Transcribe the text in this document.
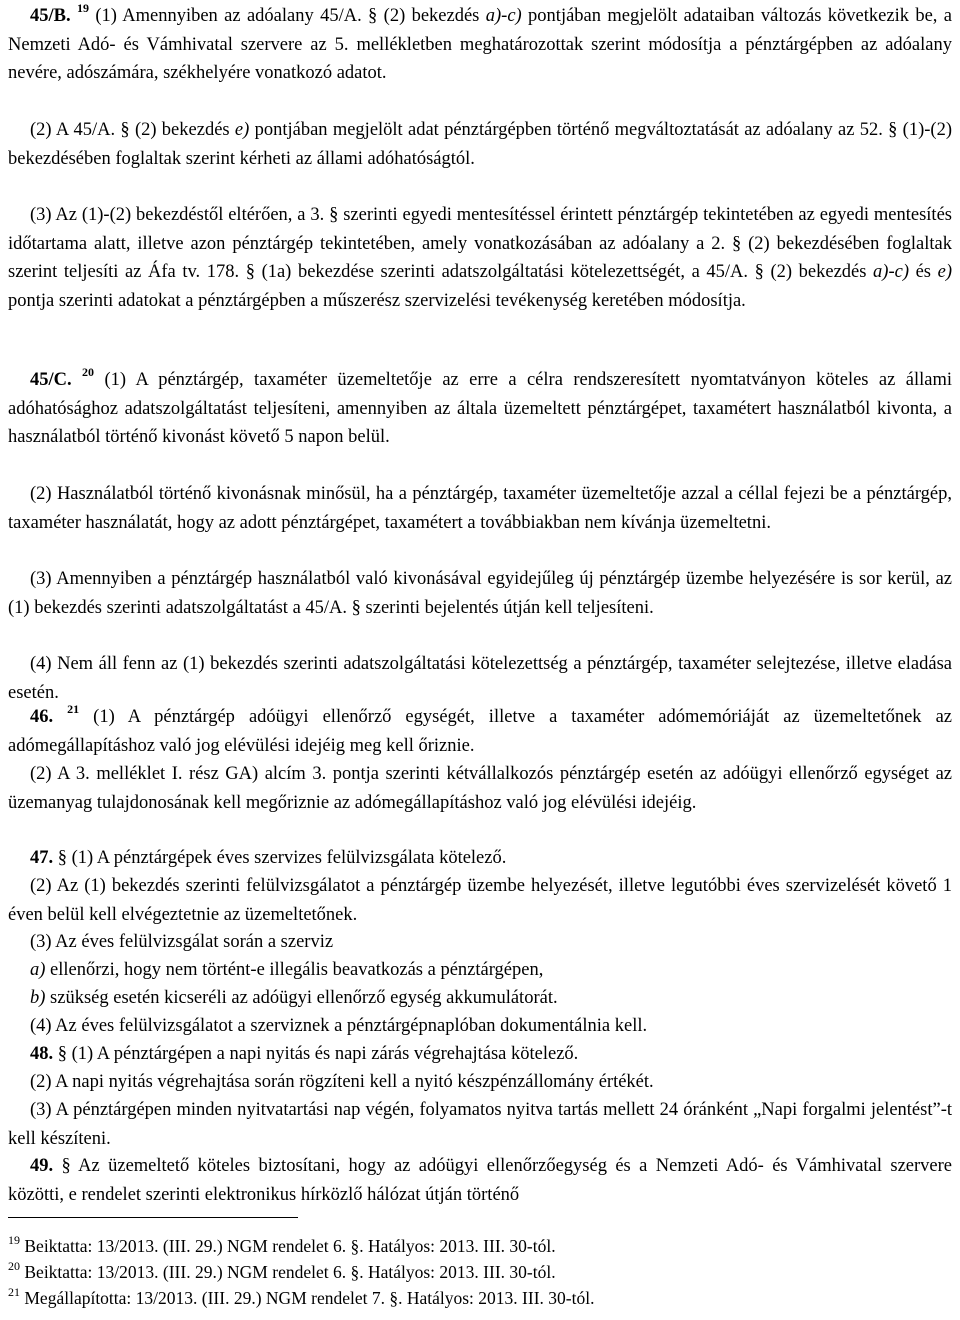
45/B. $^{19}$ (1) Amennyiben az adóalany 45/A. § (2) bekezdés a)-c) pontjában megjelölt adataiban változás következik be, a Nemzeti Adó- és Vámhivatal szervere az 5. mellékletben meghatározottak szerint módosítja a pénztárgépben az adóalany nevére, adószámára, székhelyére vonatkozó adatot.

(2) A 45/A. § (2) bekezdés e) pontjában megjelölt adat pénztárgépben történő megváltoztatását az adóalany az 52. § (1)-(2) bekezdésében foglaltak szerint kérheti az állami adóhatóságtól.

(3) Az (1)-(2) bekezdéstől eltérően, a 3. § szerinti egyedi mentesítéssel érintett pénztárgép tekintetében az egyedi mentesítés időtartama alatt, illetve azon pénztárgép tekintetében, amely vonatkozásában az adóalany a 2. § (2) bekezdésében foglaltak szerint teljesíti az Áfa tv. 178. § (1a) bekezdése szerinti adatszolgáltatási kötelezettségét, a 45/A. § (2) bekezdés a)-c) és e) pontja szerinti adatokat a pénztárgépben a műszerész szervizelési tevékenység keretében módosítja.

45/C. $^{20}$ (1) A pénztárgép, taxaméter üzemeltetője az erre a célra rendszeresített nyomtatványon köteles az állami adóhatósághoz adatszolgáltatást teljesíteni, amennyiben az általa üzemeltett pénztárgépet, taxamétert használatból kivonta, a használatból történő kivonást követő 5 napon belül.

(2) Használatból történő kivonásnak minősül, ha a pénztárgép, taxaméter üzemeltetője azzal a céllal fejezi be a pénztárgép, taxaméter használatát, hogy az adott pénztárgépet, taxamétert a továbbiakban nem kívánja üzemeltetni.

(3) Amennyiben a pénztárgép használatból való kivonásával egyidejűleg új pénztárgép üzembe helyezésére is sor kerül, az (1) bekezdés szerinti adatszolgáltatást a 45/A. § szerinti bejelentés útján kell teljesíteni.

(4) Nem áll fenn az (1) bekezdés szerinti adatszolgáltatási kötelezettség a pénztárgép, taxaméter selejtezése, illetve eladása esetén.

46. $^{21}$ (1) A pénztárgép adóügyi ellenőrző egységét, illetve a taxaméter adómemóriáját az üzemeltetőnek az adómegállapításhoz való jog elévülési idejéig meg kell őriznie.

(2) A 3. melléklet I. rész GA) alcím 3. pontja szerinti kétvállalkozós pénztárgép esetén az adóügyi ellenőrző egységet az üzemanyag tulajdonosának kell megőriznie az adómegállapításhoz való jog elévülési idejéig.

47. § (1) A pénztárgépek éves szervizes felülvizsgálata kötelező.

(2) Az (1) bekezdés szerinti felülvizsgálatot a pénztárgép üzembe helyezését, illetve legutóbbi éves szervizelését követő 1 éven belül kell elvégeztetnie az üzemeltetőnek.

(3) Az éves felülvizsgálat során a szerviz

a) ellenőrzi, hogy nem történt-e illegális beavatkozás a pénztárgépen,

b) szükség esetén kicseréli az adóügyi ellenőrző egység akkumulátorát.

(4) Az éves felülvizsgálatot a szerviznek a pénztárgépnaplóban dokumentálnia kell.

48. § (1) A pénztárgépen a napi nyitás és napi zárás végrehajtása kötelező.

(2) A napi nyitás végrehajtása során rögzíteni kell a nyitó készpénzállomány értékét.

(3) A pénztárgépen minden nyitvatartási nap végén, folyamatos nyitva tartás mellett 24 óránként „Napi forgalmi jelentést”-t kell készíteni.

49. § Az üzemeltető köteles biztosítani, hogy az adóügyi ellenőrzőegység és a Nemzeti Adó- és Vámhivatal szervere közötti, e rendelet szerinti elektronikus hírközlő hálózat útján történő

$^{19}$ Beiktatta: 13/2013. (III. 29.) NGM rendelet 6. §. Hatályos: 2013. III. 30-tól.
$^{20}$ Beiktatta: 13/2013. (III. 29.) NGM rendelet 6. §. Hatályos: 2013. III. 30-tól.
$^{21}$ Megállapította: 13/2013. (III. 29.) NGM rendelet 7. §. Hatályos: 2013. III. 30-tól.
